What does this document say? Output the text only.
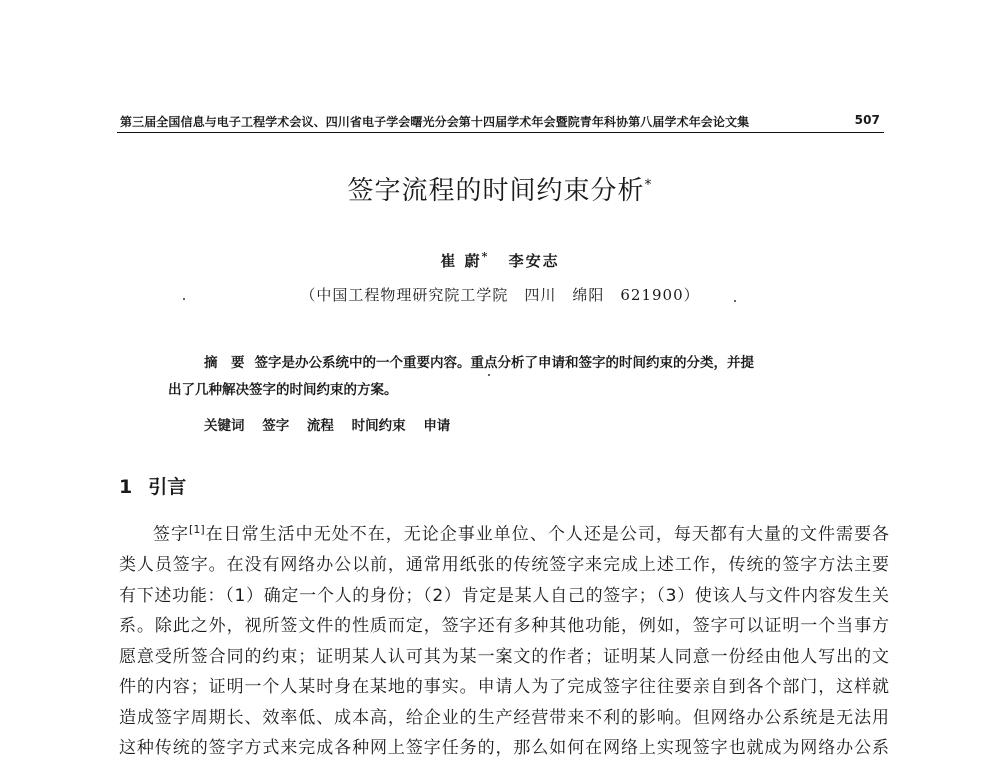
第三届全国信息与电子工程学术会议、四川省电子学会曙光分会第十四届学术年会暨院青年科协第八届学术年会论文集	507
签字流程的时间约束分析*
崔 蔚* 李安志
（中国工程物理研究院工学院　四川　绵阳　621900）
摘　要 签字是办公系统中的一个重要内容。重点分析了申请和签字的时间约束的分类，并提
出了几种解决签字的时间约束的方案。
关键词 签字 流程 时间约束 申请
1 引言
签字[1]在日常生活中无处不在，无论企事业单位、个人还是公司，每天都有大量的文件需要各
类人员签字。在没有网络办公以前，通常用纸张的传统签字来完成上述工作，传统的签字方法主要
有下述功能：（1）确定一个人的身份；（2）肯定是某人自己的签字；（3）使该人与文件内容发生关
系。除此之外，视所签文件的性质而定，签字还有多种其他功能，例如，签字可以证明一个当事方
愿意受所签合同的约束；证明某人认可其为某一案文的作者；证明某人同意一份经由他人写出的文
件的内容；证明一个人某时身在某地的事实。申请人为了完成签字往往要亲自到各个部门，这样就
造成签字周期长、效率低、成本高，给企业的生产经营带来不利的影响。但网络办公系统是无法用
这种传统的签字方式来完成各种网上签字任务的，那么如何在网络上实现签字也就成为网络办公系
